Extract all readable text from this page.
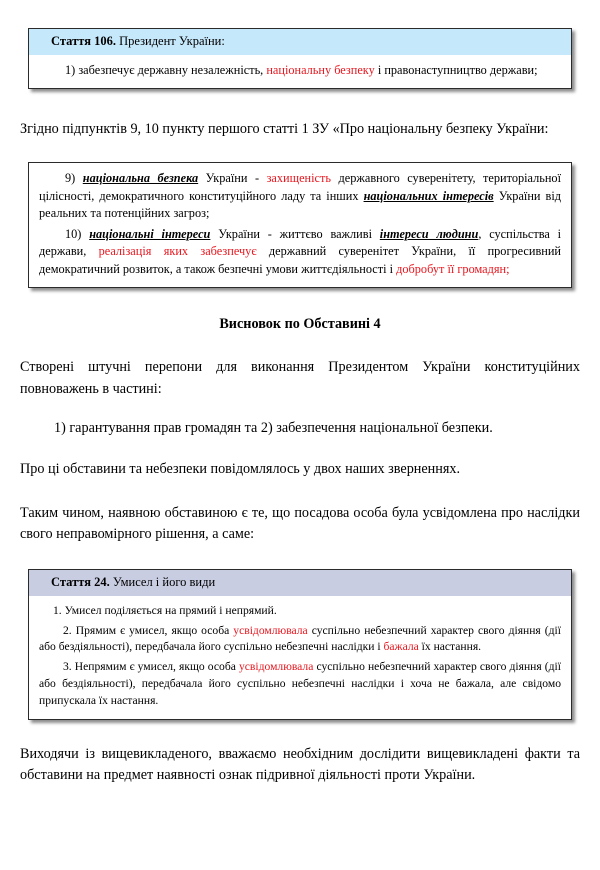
Стаття 106. Президент України:

1) забезпечує державну незалежність, національну безпеку і правонаступництво держави;

Згідно підпунктів 9, 10 пункту першого статті 1 ЗУ «Про національну безпеку України:

9) національна безпека України - захищеність державного суверенітету, територіальної цілісності, демократичного конституційного ладу та інших національних інтересів України від реальних та потенційних загроз;

10) національні інтереси України - життєво важливі інтереси людини, суспільства і держави, реалізація яких забезпечує державний суверенітет України, її прогресивний демократичний розвиток, а також безпечні умови життєдіяльності і добробут її громадян;

Висновок по Обставині 4

Створені штучні перепони для виконання Президентом України конституційних повноважень в частині:

1) гарантування прав громадян та 2) забезпечення національної безпеки.

Про ці обставини та небезпеки повідомлялось у двох наших зверненнях.

Таким чином, наявною обставиною є те, що посадова особа була усвідомлена про наслідки свого неправомірного рішення, а саме:

Стаття 24. Умисел і його види

1. Умисел поділяється на прямий і непрямий.

2. Прямим є умисел, якщо особа усвідомлювала суспільно небезпечний характер свого діяння (дії або бездіяльності), передбачала його суспільно небезпечні наслідки і бажала їх настання.

3. Непрямим є умисел, якщо особа усвідомлювала суспільно небезпечний характер свого діяння (дії або бездіяльності), передбачала його суспільно небезпечні наслідки і хоча не бажала, але свідомо припускала їх настання.

Виходячи із вищевикладеного, вважаємо необхідним дослідити вищевикладені факти та обставини на предмет наявності ознак підривної діяльності проти України.
